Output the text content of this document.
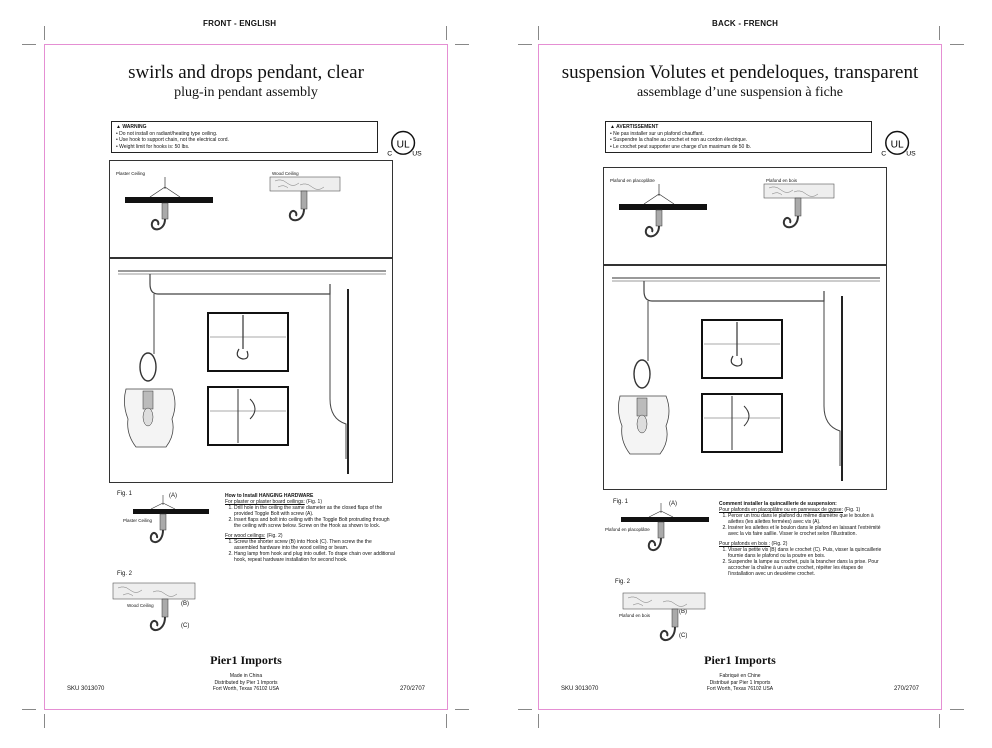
FRONT - ENGLISH	BACK - FRENCH
swirls and drops pendant, clear
plug-in pendant assembly
▲ WARNING
• Do not install on radiant/heating type ceiling.
• Use hook to support chain, not the electrical cord.
• Weight limit for hooks is: 50 lbs.	UL
C	US
Plaster Ceiling	Wood Ceiling
Fig. 1	(A)
Plaster Ceiling
Fig. 2
Wood Ceiling	(B)
(C)
How to Install HANGING HARDWARE
For plaster or plaster board ceilings: (Fig. 1)
1. Drill hole in the ceiling the same diameter as the closed flaps of the provided Toggle Bolt with screw (A).
2. Insert flaps and bolt into ceiling with the Toggle Bolt protruding through the ceiling with screw below. Screw on the Hook as shown to lock.
For wood ceilings: (Fig. 2)
1. Screw the shorter screw (B) into Hook (C). Then screw the the assembled hardware into the wood ceiling or beam.
2. Hang lamp from hook and plug into outlet. To drape chain over additional hook, repeat hardware installation for second hook.
Pier1 Imports
Made in China
Distributed by Pier 1 Imports
Fort Worth, Texas 76102 USA
SKU 3013070	270/2707
suspension Volutes et pendeloques, transparent
assemblage d’une suspension à fiche
▲ AVERTISSEMENT
• Ne pas installer sur un plafond chauffant.
• Suspendre la chaîne au crochet et non au cordon électrique.
• Le crochet peut supporter une charge d’un maximum de 50 lb.	UL
C	US
Plafond en placoplâtre	Plafond en bois
Fig. 1	(A)
Plafond en placoplâtre
Fig. 2
Plafond en bois
(B)
(C)
Comment installer la quincaillerie de suspension:
Pour plafonds en placoplâtre ou en panneaux de gypse: (Fig. 1)
1. Percer un trou dans le plafond du même diamètre que le boulon à ailettes (les ailettes fermées) avec vis (A).
2. Insérer les ailettes et le boulon dans le plafond en laissant l’extrémité avec la vis faire saillie. Visser le crochet selon l’illustration.
Pour plafonds en bois : (Fig. 2)
1. Visser la petite vis (B) dans le crochet (C). Puis, visser la quincaillerie fournie dans le plafond ou la poutre en bois.
2. Suspendre la lampe au crochet, puis la brancher dans la prise. Pour accrocher la chaîne à un autre crochet, répéter les étapes de l’installation avec un deuxième crochet.
Pier1 Imports
Fabriqué en Chine
Distribué par Pier 1 Imports
Fort Worth, Texas 76102 USA
SKU 3013070	270/2707
